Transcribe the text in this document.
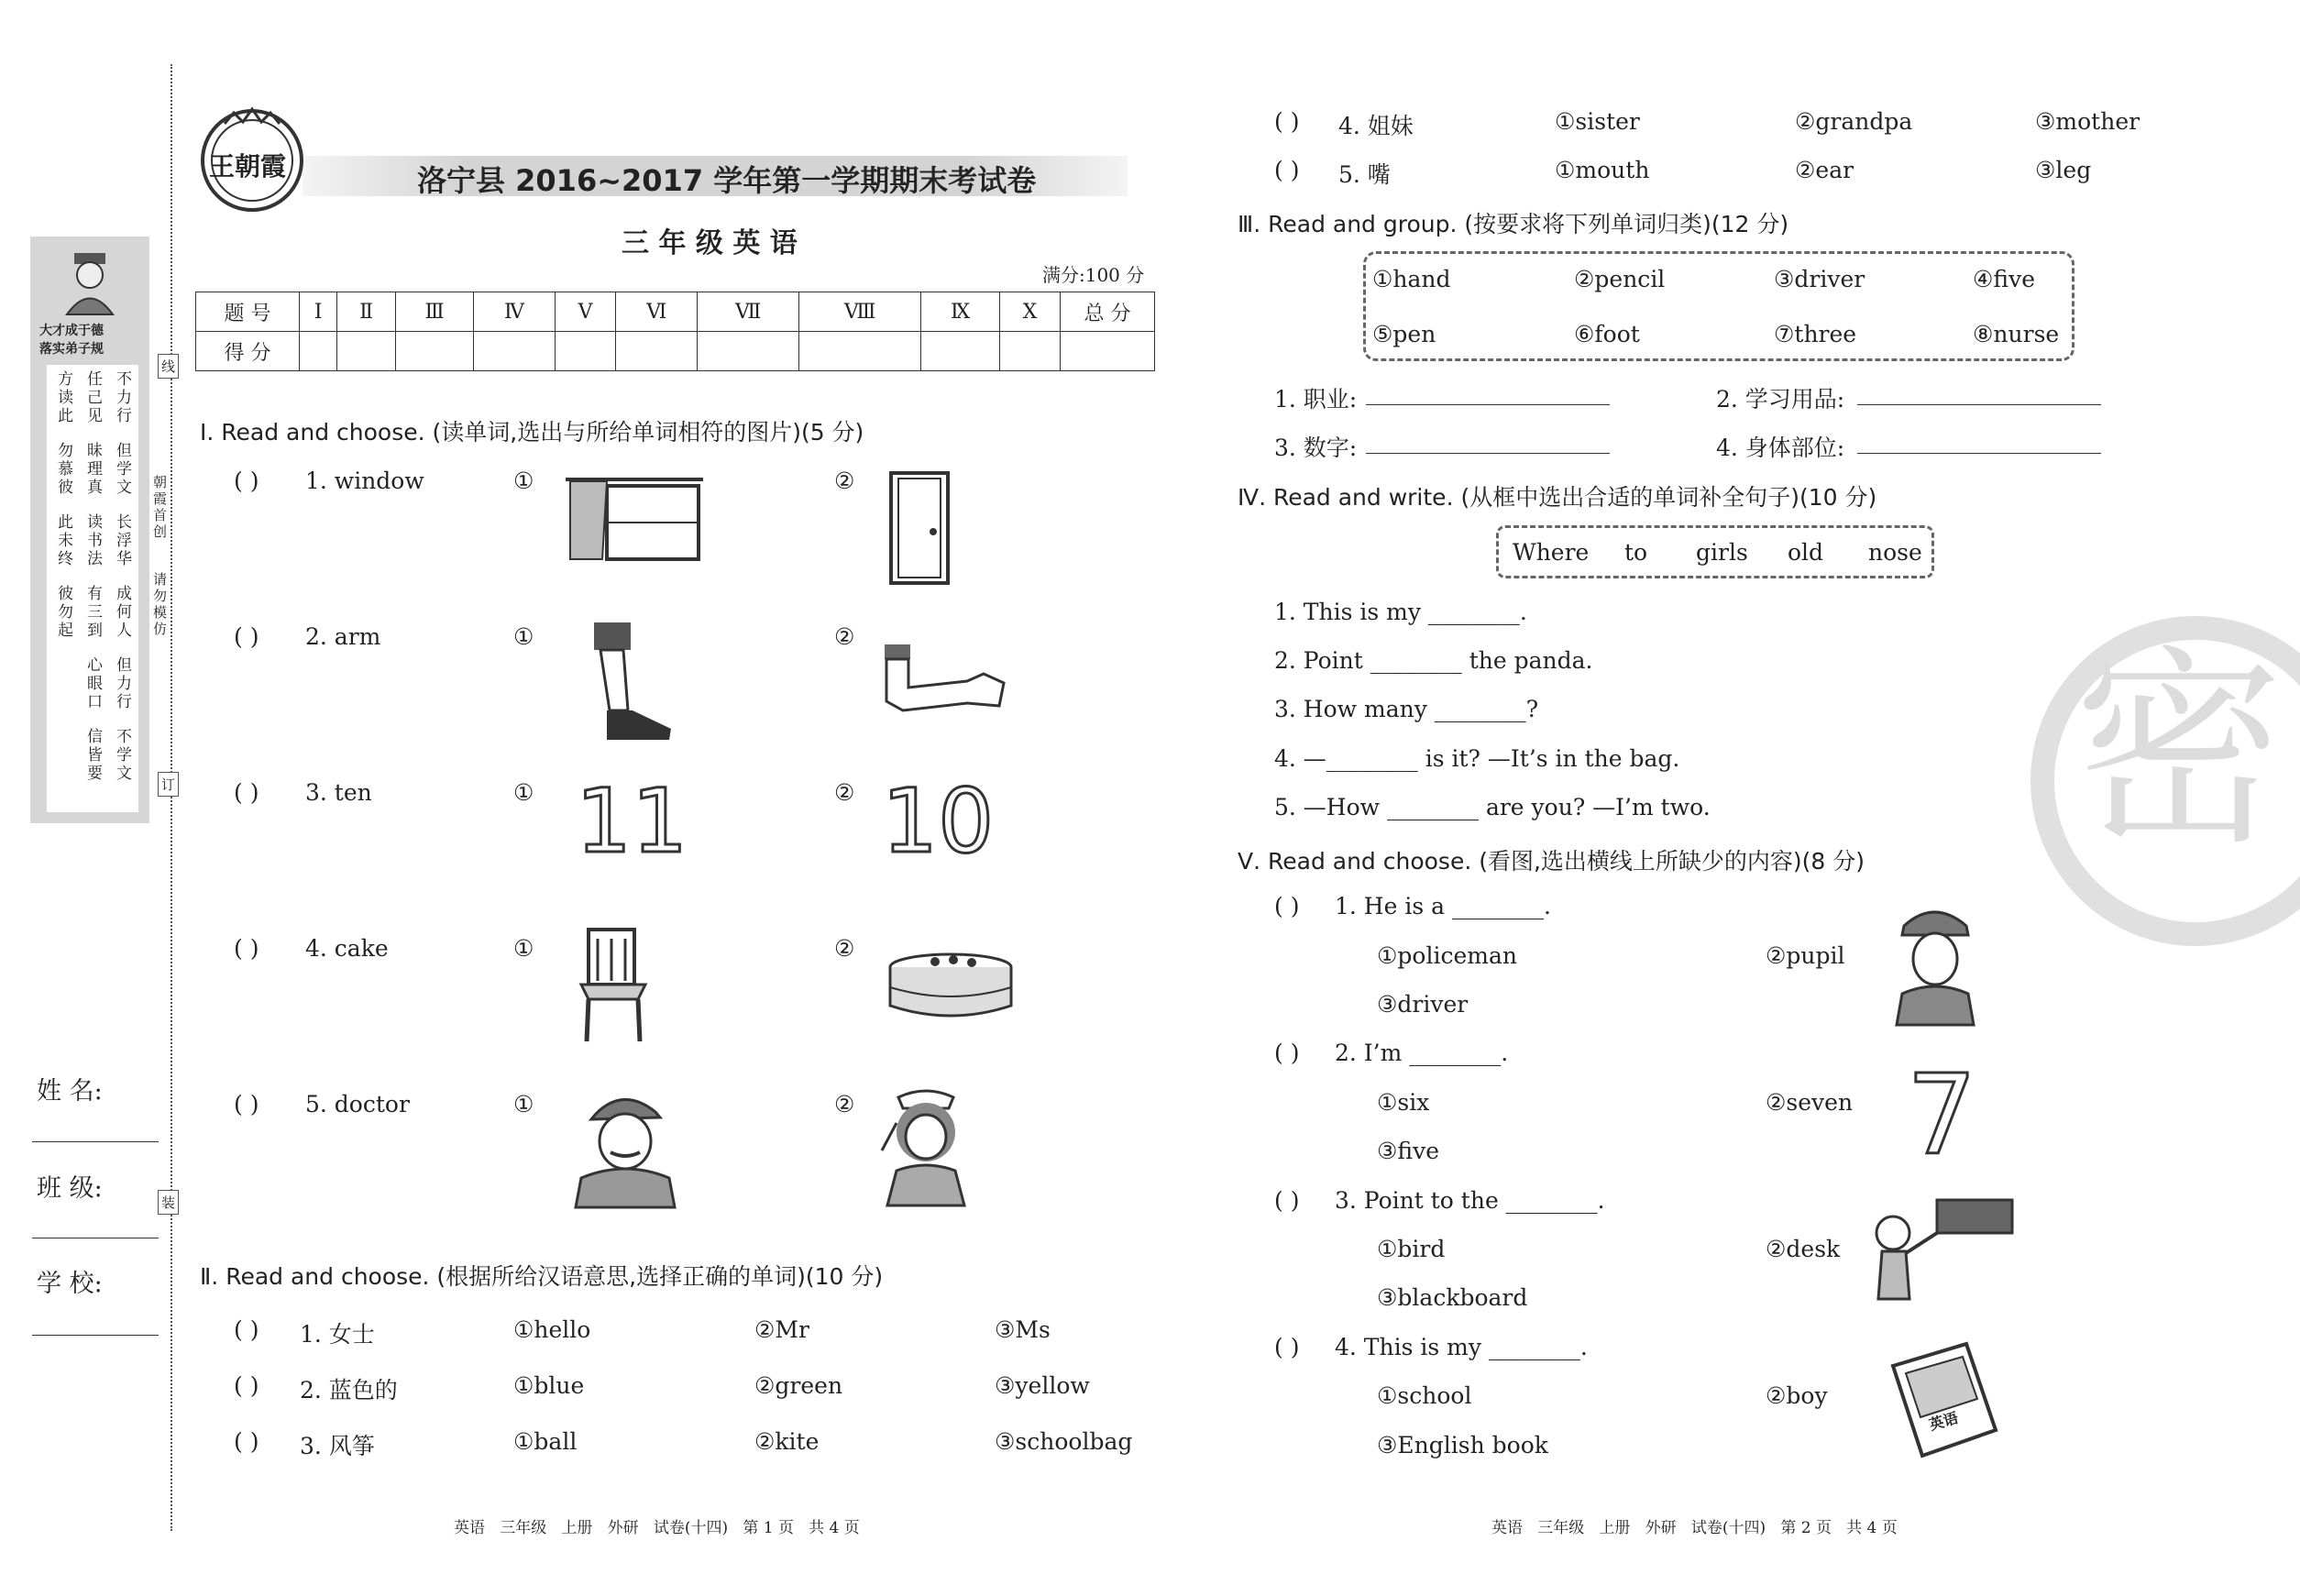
大才成于德
落实弟子规
不力行
但学文
长浮华
成何人
但力行
不学文
任己见
昧理真
读书法
有三到
心眼口
信皆要
方读此
勿慕彼
此未终
彼勿起
姓 名:
班 级:
学 校:
线
订
装
朝霞首创
请勿模仿
王朝霞	洛宁县 2016~2017 学年第一学期期末考试卷
三 年 级 英 语
满分:100 分
题 号	Ⅰ	Ⅱ	Ⅲ	Ⅳ	Ⅴ	Ⅵ	Ⅶ	Ⅷ	Ⅸ	Ⅹ	总 分
得 分											
Ⅰ. Read and choose. (读单词,选出与所给单词相符的图片)(5 分)
( ) 1. window	①	②
( ) 2. arm	①	②
( ) 3. ten	①	②
11 10
( ) 4. cake	①	②
( ) 5. doctor	①	②
Ⅱ. Read and choose. (根据所给汉语意思,选择正确的单词)(10 分)
( ) 1. 女士	①hello	②Mr	③Ms
( ) 2. 蓝色的	①blue	②green	③yellow
( ) 3. 风筝	①ball	②kite	③schoolbag
英语   三年级   上册   外研   试卷(十四)   第 1 页   共 4 页
( ) 4. 姐妹	①sister	②grandpa	③mother
( ) 5. 嘴	①mouth	②ear	③leg
Ⅲ. Read and group. (按要求将下列单词归类)(12 分)
①hand	②pencil	③driver	④five
⑤pen	⑥foot	⑦three	⑧nurse
1. 职业:	2. 学习用品:
3. 数字:	4. 身体部位:
Ⅳ. Read and write. (从框中选出合适的单词补全句子)(10 分)
Where to girls old nose
1. This is my ________.
2. Point ________ the panda.
3. How many ________?
4. —________ is it? —It’s in the bag.
5. —How ________ are you? —I’m two.
Ⅴ. Read and choose. (看图,选出横线上所缺少的内容)(8 分)
( ) 1. He is a ________.
①policeman	②pupil
③driver
( ) 2. I’m ________.
①six	②seven
③five	7
( ) 3. Point to the ________.
①bird	②desk
③blackboard
( ) 4. This is my ________.
①school	②boy
③English book
英语
密
英语   三年级   上册   外研   试卷(十四)   第 2 页   共 4 页
